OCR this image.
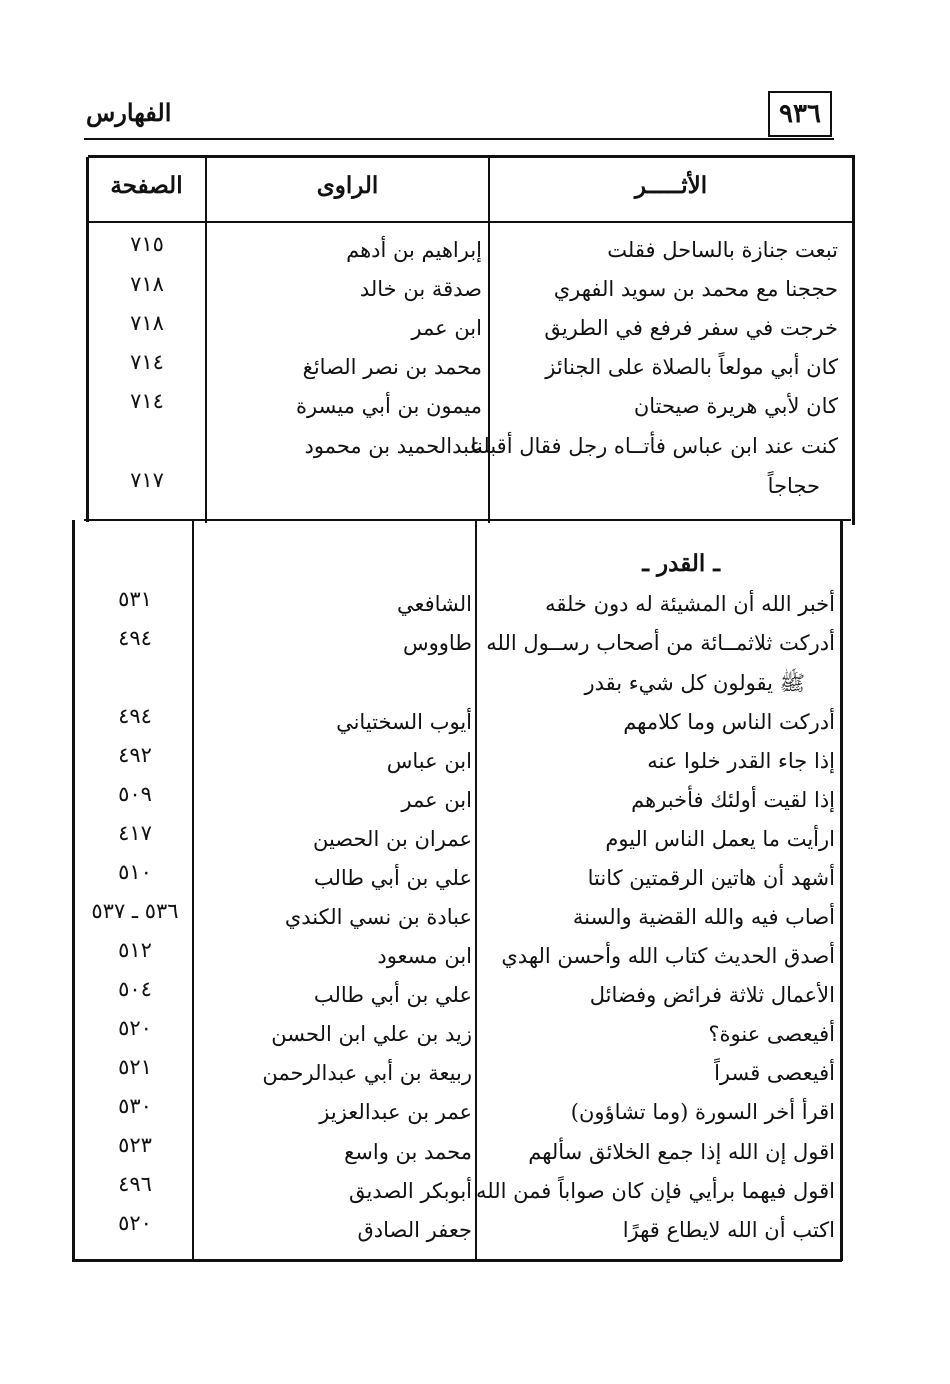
الفهارس	٩٣٦
الأثـــــر
الراوى
الصفحة
تبعت جنازة بالساحل فقلت
إبراهيم بن أدهم
٧١٥
حججنا مع محمد بن سويد الفهري
صدقة بن خالد
٧١٨
خرجت في سفر فرفع في الطريق
ابن عمر
٧١٨
كان أبي مولعاً بالصلاة على الجنائز
محمد بن نصر الصائغ
٧١٤
كان لأبي هريرة صيحتان
ميمون بن أبي ميسرة
٧١٤
كنت عند ابن عباس فأتــاه رجل فقال أقبلنا
عبدالحميد بن محمود
حجاجاً
٧١٧
ـ القدر ـ
أخبر الله أن المشيئة له دون خلقه
الشافعي
٥٣١
أدركت ثلاثمــائة من أصحاب رســول الله
طاووس
٤٩٤
ﷺ يقولون كل شيء بقدر
أدركت الناس وما كلامهم
أيوب السختياني
٤٩٤
إذا جاء القدر خلوا عنه
ابن عباس
٤٩٢
إذا لقيت أولئك فأخبرهم
ابن عمر
٥٠٩
ارأيت ما يعمل الناس اليوم
عمران بن الحصين
٤١٧
أشهد أن هاتين الرقمتين كانتا
علي بن أبي طالب
٥١٠
أصاب فيه والله القضية والسنة
عبادة بن نسي الكندي
٥٣٦ ـ ٥٣٧
أصدق الحديث كتاب الله وأحسن الهدي
ابن مسعود
٥١٢
الأعمال ثلاثة فرائض وفضائل
علي بن أبي طالب
٥٠٤
أفيعصى عنوة؟
زيد بن علي ابن الحسن
٥٢٠
أفيعصى قسراً
ربيعة بن أبي عبدالرحمن
٥٢١
اقرأ أخر السورة (وما تشاؤون)
عمر بن عبدالعزيز
٥٣٠
اقول إن الله إذا جمع الخلائق سألهم
محمد بن واسع
٥٢٣
اقول فيهما برأيي فإن كان صواباً فمن الله
أبوبكر الصديق
٤٩٦
اكتب أن الله لايطاع قهرًا
جعفر الصادق
٥٢٠
